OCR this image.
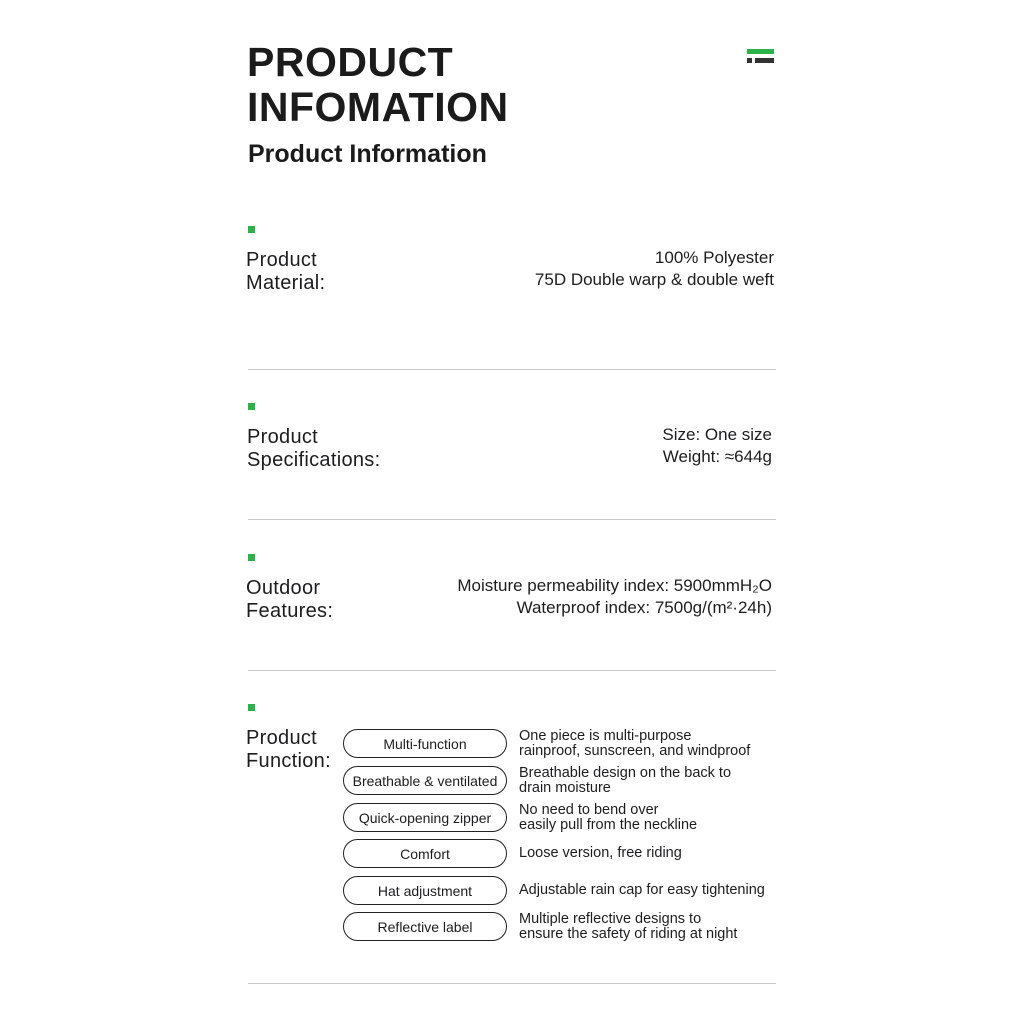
PRODUCT
INFOMATION
Product Information
Product
Material:
100% Polyester
75D Double warp & double weft
Product
Specifications:
Size: One size
Weight: ≈644g
Outdoor
Features:
Moisture permeability index: 5900mmH₂O
Waterproof index: 7500g/(m²·24h)
Product
Function:
Multi-function	One piece is multi-purpose
rainproof, sunscreen, and windproof
Breathable & ventilated	Breathable design on the back to
drain moisture
Quick-opening zipper	No need to bend over
easily pull from the neckline
Comfort	Loose version, free riding
Hat adjustment	Adjustable rain cap for easy tightening
Reflective label	Multiple reflective designs to
ensure the safety of riding at night
